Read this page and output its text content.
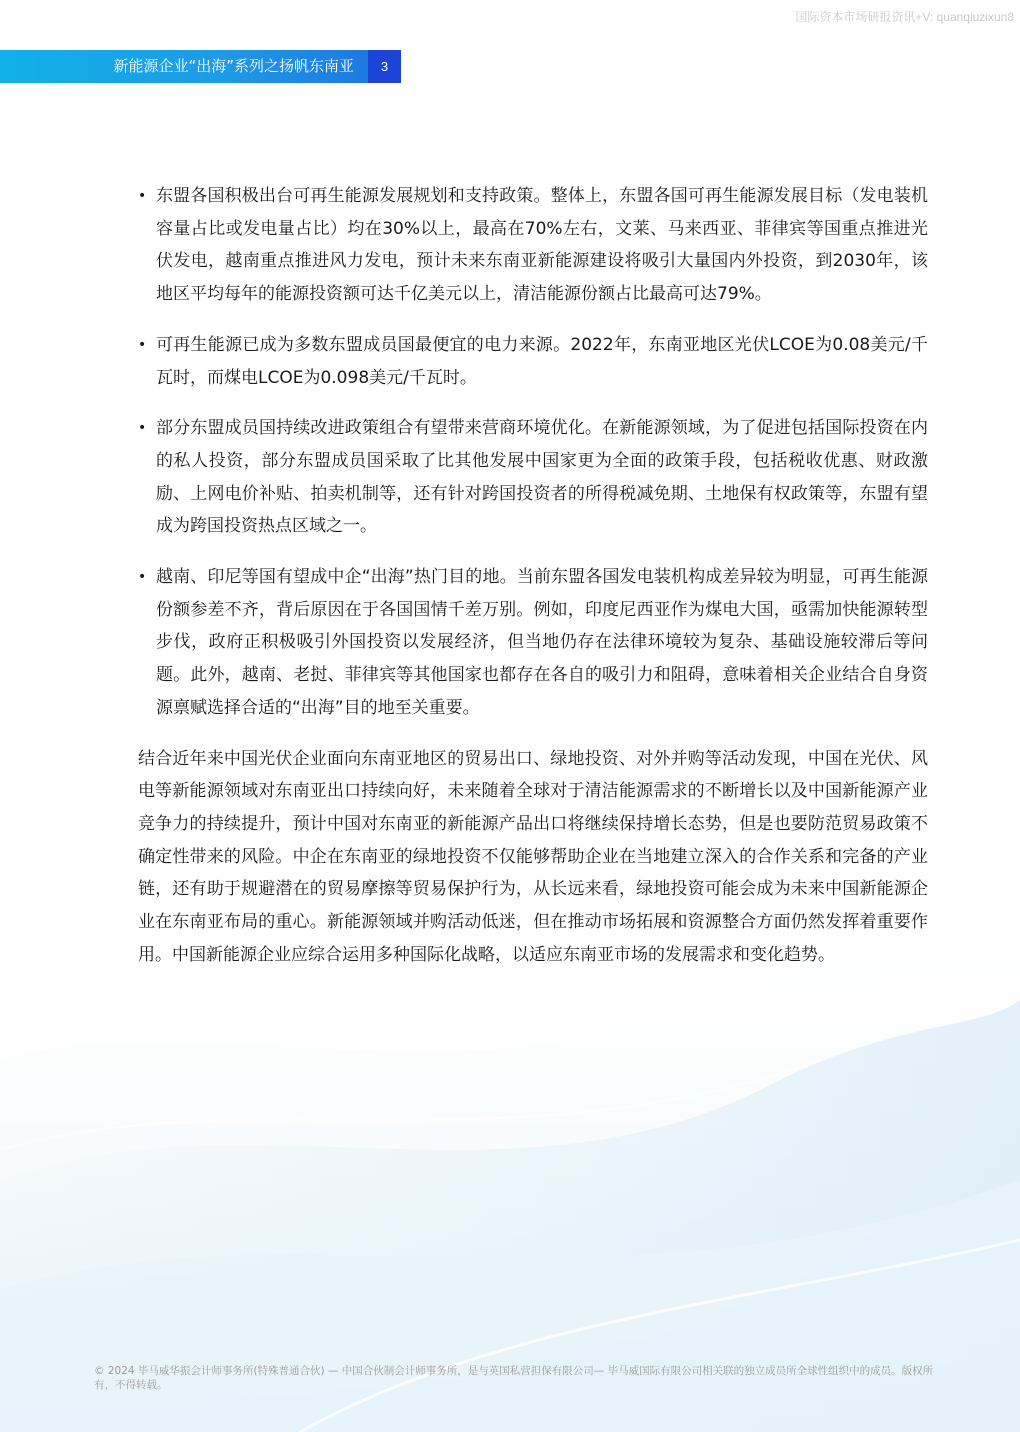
国际资本市场研报资讯+V: quanqiuzixun8
新能源企业“出海”系列之扬帆东南亚	3
• 东盟各国积极出台可再生能源发展规划和支持政策。整体上，东盟各国可再生能源发展目标（发电装机容量占比或发电量占比）均在30%以上，最高在70%左右，文莱、马来西亚、菲律宾等国重点推进光伏发电，越南重点推进风力发电，预计未来东南亚新能源建设将吸引大量国内外投资，到2030年，该地区平均每年的能源投资额可达千亿美元以上，清洁能源份额占比最高可达79%。
• 可再生能源已成为多数东盟成员国最便宜的电力来源。2022年，东南亚地区光伏LCOE为0.08美元/千瓦时，而煤电LCOE为0.098美元/千瓦时。
• 部分东盟成员国持续改进政策组合有望带来营商环境优化。在新能源领域，为了促进包括国际投资在内的私人投资，部分东盟成员国采取了比其他发展中国家更为全面的政策手段，包括税收优惠、财政激励、上网电价补贴、拍卖机制等，还有针对跨国投资者的所得税减免期、土地保有权政策等，东盟有望成为跨国投资热点区域之一。
• 越南、印尼等国有望成中企“出海”热门目的地。当前东盟各国发电装机构成差异较为明显，可再生能源份额参差不齐，背后原因在于各国国情千差万别。例如，印度尼西亚作为煤电大国，亟需加快能源转型步伐，政府正积极吸引外国投资以发展经济，但当地仍存在法律环境较为复杂、基础设施较滞后等问题。此外，越南、老挝、菲律宾等其他国家也都存在各自的吸引力和阻碍，意味着相关企业结合自身资源禀赋选择合适的“出海”目的地至关重要。

结合近年来中国光伏企业面向东南亚地区的贸易出口、绿地投资、对外并购等活动发现，中国在光伏、风电等新能源领域对东南亚出口持续向好，未来随着全球对于清洁能源需求的不断增长以及中国新能源产业竞争力的持续提升，预计中国对东南亚的新能源产品出口将继续保持增长态势，但是也要防范贸易政策不确定性带来的风险。中企在东南亚的绿地投资不仅能够帮助企业在当地建立深入的合作关系和完备的产业链，还有助于规避潜在的贸易摩擦等贸易保护行为，从长远来看，绿地投资可能会成为未来中国新能源企业在东南亚布局的重心。新能源领域并购活动低迷，但在推动市场拓展和资源整合方面仍然发挥着重要作用。中国新能源企业应综合运用多种国际化战略，以适应东南亚市场的发展需求和变化趋势。

© 2024 毕马威华振会计师事务所(特殊普通合伙) — 中国合伙制会计师事务所，是与英国私营担保有限公司— 毕马威国际有限公司相关联的独立成员所全球性组织中的成员。版权所有，不得转载。
